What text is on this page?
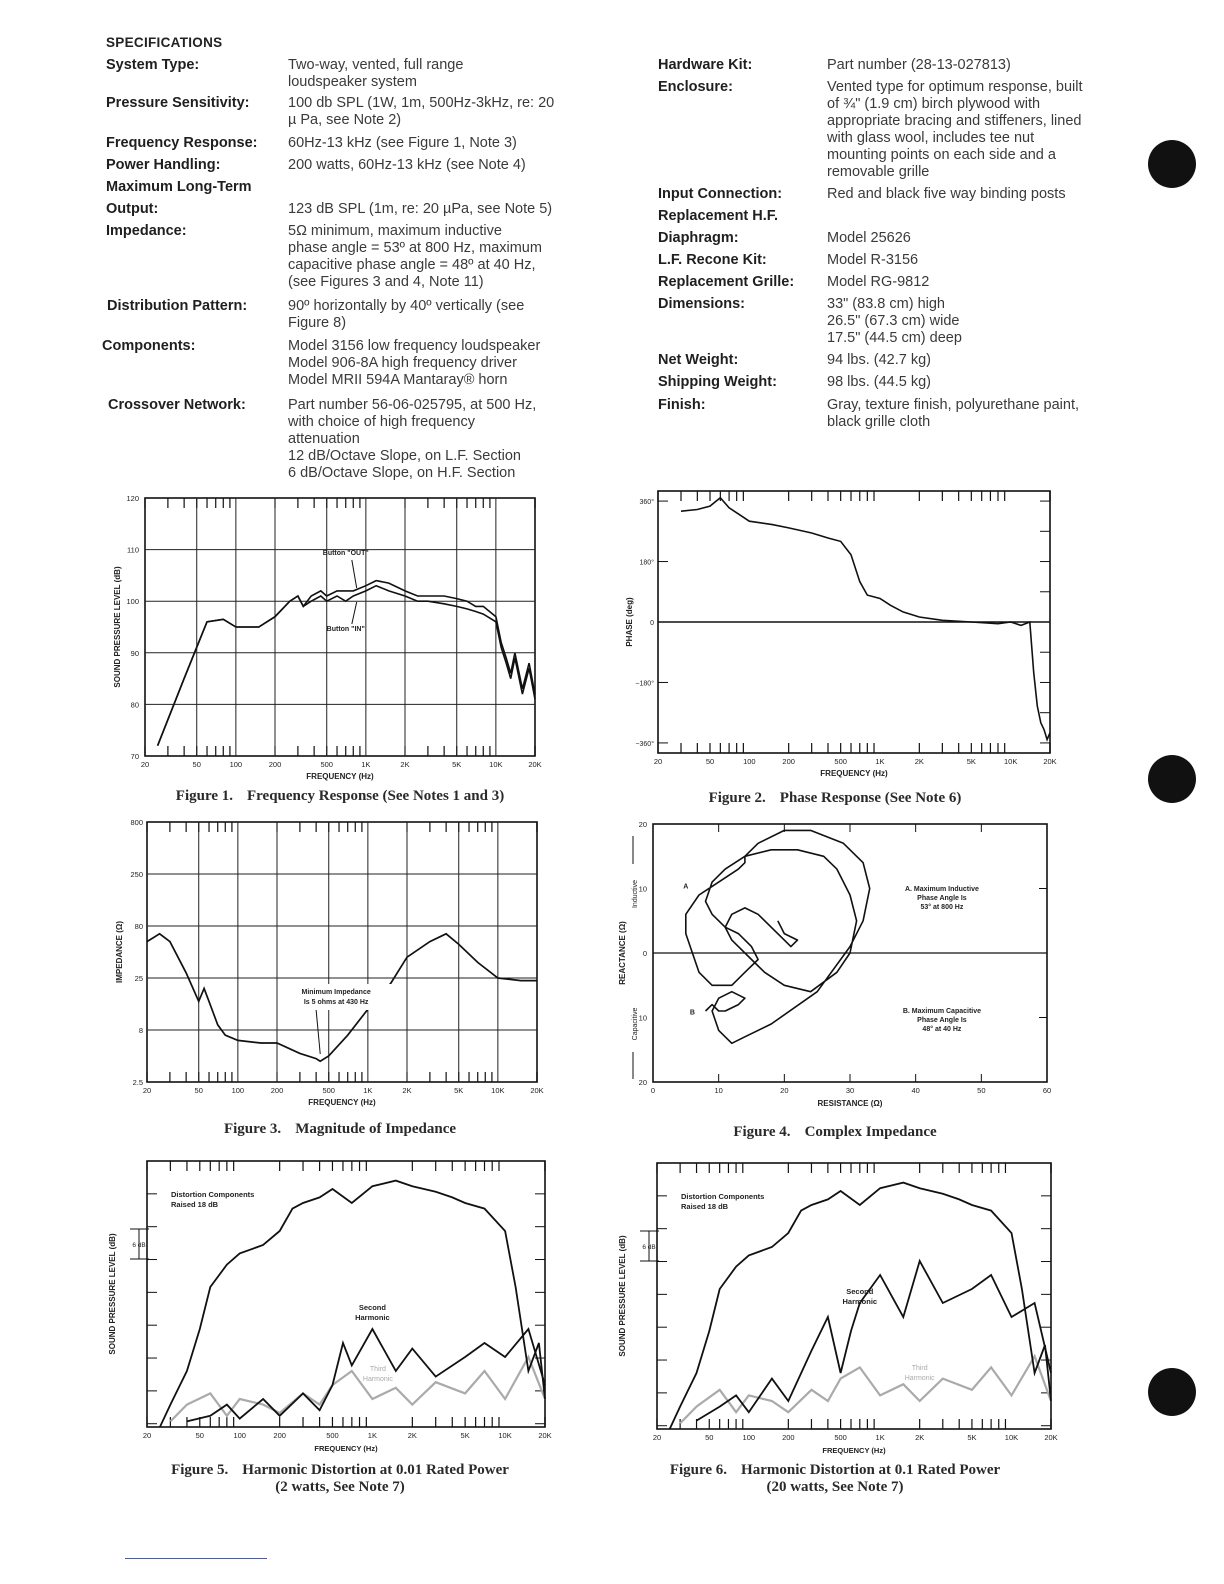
SPECIFICATIONS
System Type:	Two-way, vented, full range
loudspeaker system
Pressure Sensitivity:	100 db SPL (1W, 1m, 500Hz-3kHz, re: 20
µ Pa, see Note 2)
Frequency Response: 60Hz-13 kHz (see Figure 1, Note 3)
Power Handling:	200 watts, 60Hz-13 kHz (see Note 4)
Maximum Long-Term
Output:	123 dB SPL (1m, re: 20 µPa, see Note 5)
Impedance:	5Ω minimum, maximum inductive
phase angle = 53º at 800 Hz, maximum
capacitive phase angle = 48º at 40 Hz,
(see Figures 3 and 4, Note 11)
Distribution Pattern:	90º horizontally by 40º vertically (see
Figure 8)
Components:	Model 3156 low frequency loudspeaker
Model 906-8A high frequency driver
Model MRII 594A Mantaray® horn
Crossover Network:	Part number 56-06-025795, at 500 Hz,
with choice of high frequency
attenuation
12 dB/Octave Slope, on L.F. Section
6 dB/Octave Slope, on H.F. Section
Hardware Kit:	Part number (28-13-027813)
Enclosure:	Vented type for optimum response, built
of ¾" (1.9 cm) birch plywood with
appropriate bracing and stiffeners, lined
with glass wool, includes tee nut
mounting points on each side and a
removable grille
Input Connection:	Red and black five way binding posts
Replacement H.F.
Diaphragm:	Model 25626
L.F. Recone Kit:	Model R-3156
Replacement Grille: Model RG-9812
Dimensions:	33" (83.8 cm) high
26.5" (67.3 cm) wide
17.5" (44.5 cm) deep
Net Weight:	94 lbs. (42.7 kg)
Shipping Weight:	98 lbs. (44.5 kg)
Finish:	Gray, texture finish, polyurethane paint,
black grille cloth
20	50	100	200	500	1K	2K	5K	10K	20K
120
110
100
90
80
70
SOUND PRESSURE LEVEL (dB)
FREQUENCY (Hz)
Button "OUT"
Button "IN"
20	50	100	200	500	1K	2K	5K	10K	20K
360°
180°
0
−180°
−360°
PHASE (deg)
FREQUENCY (Hz)
20	50	100	200	500	1K	2K	5K	10K	20K
800
250
80
25
8
2.5
IMPEDANCE (Ω)
FREQUENCY (Hz)
Minimum Impedance
Is 5 ohms at 430 Hz
0	10	20	30	40	50	60
20
10
0
10
20
REACTANCE (Ω)
Inductive
Capacitive
RESISTANCE (Ω)
A
B
A. Maximum Inductive
Phase Angle Is
53° at 800 Hz
B. Maximum Capacitive
Phase Angle Is
48° at 40 Hz
20	50	100	200	500	1K	2K	5K	10K	20K
SOUND PRESSURE LEVEL (dB)
FREQUENCY (Hz)
Distortion Components
Raised 18 dB
6 dB
Second
Harmonic
Third
Harmonic
20	50	100	200	500	1K	2K	5K	10K	20K
SOUND PRESSURE LEVEL (dB)
FREQUENCY (Hz)
Distortion Components
Raised 18 dB
6 dB
Second
Harmonic
Third
Harmonic
Figure 1. Frequency Response (See Notes 1 and 3)	Figure 2. Phase Response (See Note 6)
Figure 3. Magnitude of Impedance	Figure 4. Complex Impedance
Figure 5. Harmonic Distortion at 0.01 Rated Power
(2 watts, See Note 7)
Figure 6. Harmonic Distortion at 0.1 Rated Power
(20 watts, See Note 7)
